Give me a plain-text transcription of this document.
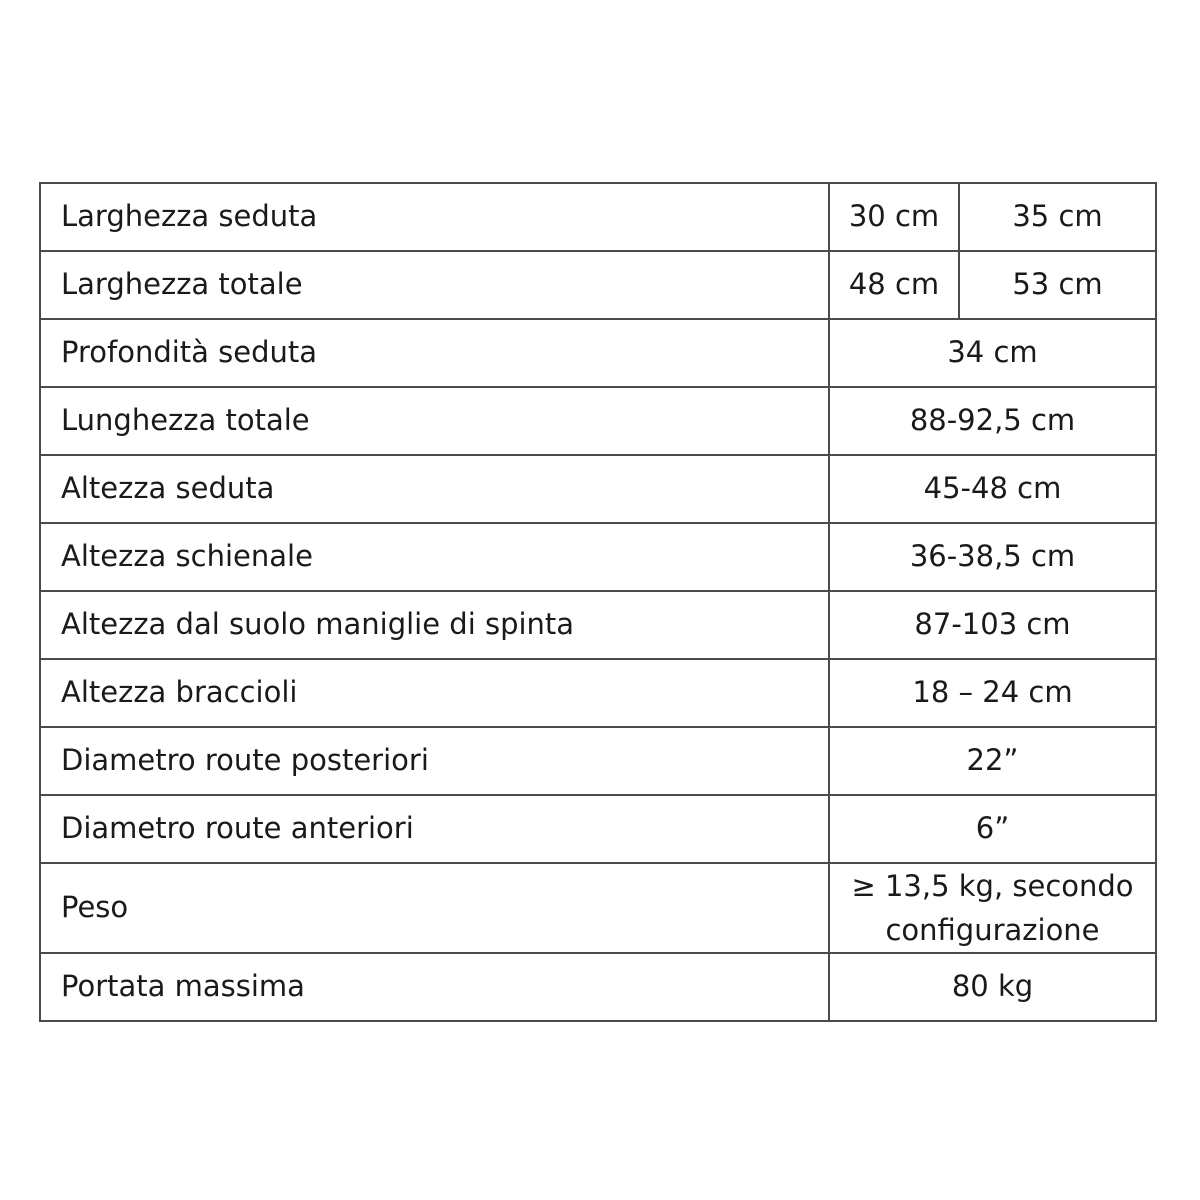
Larghezza seduta	30 cm	35 cm
Larghezza totale	48 cm	53 cm
Profondità seduta	34 cm	
Lunghezza totale	88-92,5 cm	
Altezza seduta	45-48 cm	
Altezza schienale	36-38,5 cm	
Altezza dal suolo maniglie di spinta	87-103 cm	
Altezza braccioli	18 – 24 cm	
Diametro route posteriori	22”	
Diametro route anteriori	6”	
Peso	≥ 13,5 kg, secondo
configurazione	

Portata massima	80 kg	
